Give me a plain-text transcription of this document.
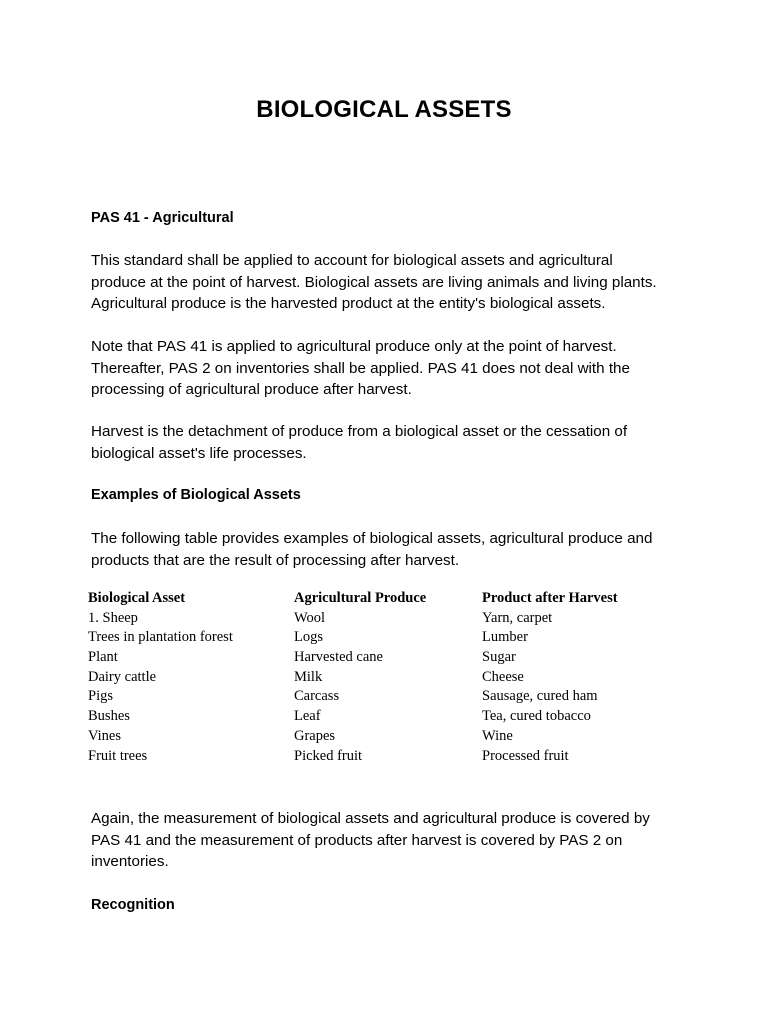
BIOLOGICAL ASSETS
PAS 41 - Agricultural
This standard shall be applied to account for biological assets and agricultural
produce at the point of harvest. Biological assets are living animals and living plants.
Agricultural produce is the harvested product at the entity's biological assets.
Note that PAS 41 is applied to agricultural produce only at the point of harvest.
Thereafter, PAS 2 on inventories shall be applied. PAS 41 does not deal with the
processing of agricultural produce after harvest.
Harvest is the detachment of produce from a biological asset or the cessation of
biological asset's life processes.
Examples of Biological Assets
The following table provides examples of biological assets, agricultural produce and
products that are the result of processing after harvest.
Biological Asset	Agricultural Produce	Product after Harvest
1. Sheep	Wool	Yarn, carpet
Trees in plantation forest	Logs	Lumber
Plant	Harvested cane	Sugar
Dairy cattle	Milk	Cheese
Pigs	Carcass	Sausage, cured ham
Bushes	Leaf	Tea, cured tobacco
Vines	Grapes	Wine
Fruit trees	Picked fruit	Processed fruit
Again, the measurement of biological assets and agricultural produce is covered by
PAS 41 and the measurement of products after harvest is covered by PAS 2 on
inventories.
Recognition
